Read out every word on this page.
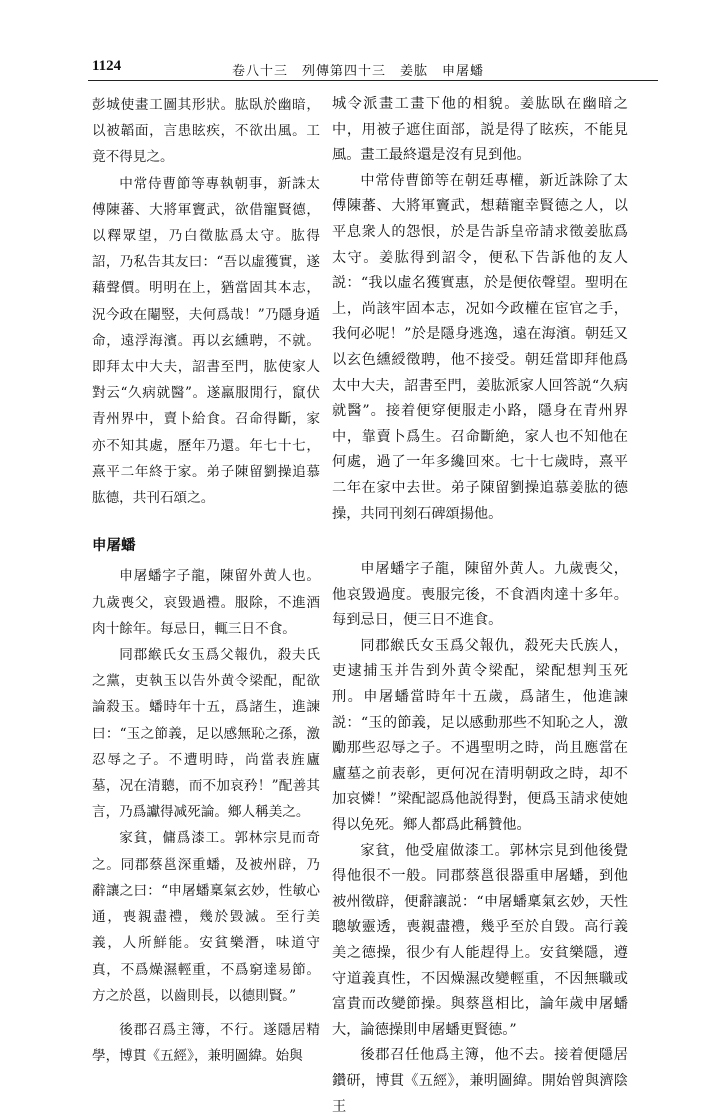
1124	卷八十三　列傳第四十三　姜肱　申屠蟠

彭城使畫工圖其形狀。肱臥於幽暗，以被韜面，言患眩疾，不欲出風。工竟不得見之。

中常侍曹節等專執朝事，新誅太傅陳蕃、大將軍竇武，欲借寵賢德，以釋眾望，乃白徵肱爲太守。肱得詔，乃私告其友曰：“吾以虛獲實，遂藉聲價。明明在上，猶當固其本志，況今政在閹竪，夫何爲哉！”乃隱身遁命，遠浮海濱。再以玄纁聘，不就。即拜太中大夫，詔書至門，肱使家人對云“久病就醫”。遂羸服閒行，竄伏青州界中，賣卜給食。召命得斷，家亦不知其處，歷年乃還。年七十七，熹平二年終于家。弟子陳留劉操追慕肱德，共刊石頌之。

申屠蟠

申屠蟠字子龍，陳留外黄人也。九歲喪父，哀毀過禮。服除，不進酒肉十餘年。每忌日，輒三日不食。

同郡緱氏女玉爲父報仇，殺夫氏之黨，吏執玉以告外黄令梁配，配欲論殺玉。蟠時年十五，爲諸生，進諫曰：“玉之節義，足以感無恥之孫，激忍辱之子。不遭明時，尚當表旌廬墓，况在清聽，而不加哀矜！”配善其言，乃爲讞得减死論。鄉人稱美之。

家貧，傭爲漆工。郭林宗見而奇之。同郡蔡邕深重蟠，及被州辟，乃辭讓之曰：“申屠蟠稟氣玄妙，性敏心通，喪親盡禮，幾於毀滅。至行美義，人所鮮能。安貧樂潛，味道守真，不爲燥濕輕重，不爲窮達易節。方之於邕，以齒則長，以德則賢。”

後郡召爲主簿，不行。遂隱居精學，博貫《五經》，兼明圖緯。始與

城令派畫工畫下他的相貌。姜肱臥在幽暗之中，用被子遮住面部，説是得了眩疾，不能見風。畫工最終還是沒有見到他。

中常侍曹節等在朝廷專權，新近誅除了太傅陳蕃、大將軍竇武，想藉寵幸賢德之人，以平息衆人的怨恨，於是告訴皇帝請求徵姜肱爲太守。姜肱得到詔令，便私下告訴他的友人説：“我以虛名獲實惠，於是便依聲望。聖明在上，尚該牢固本志，况如今政權在宦官之手，我何必呢！”於是隱身逃逸，遠在海濱。朝廷又以玄色纁綬徵聘，他不接受。朝廷當即拜他爲太中大夫，詔書至門，姜肱派家人回答説“久病就醫”。接着便穿便服走小路，隱身在青州界中，靠賣卜爲生。召命斷絶，家人也不知他在何處，過了一年多纔回來。七十七歲時，熹平二年在家中去世。弟子陳留劉操追慕姜肱的德操，共同刊刻石碑頌揚他。

申屠蟠字子龍，陳留外黄人。九歲喪父，他哀毀過度。喪服完後，不食酒肉達十多年。每到忌日，便三日不進食。

同郡緱氏女玉爲父報仇，殺死夫氏族人，吏逮捕玉并告到外黄令梁配，梁配想判玉死刑。申屠蟠當時年十五歲，爲諸生，他進諫説：“玉的節義，足以感動那些不知恥之人，激勵那些忍辱之子。不遇聖明之時，尚且應當在廬墓之前表彰，更何况在清明朝政之時，却不加哀憐！”梁配認爲他説得對，便爲玉請求使她得以免死。鄉人都爲此稱贊他。

家貧，他受雇做漆工。郭林宗見到他後覺得他很不一般。同郡蔡邕很器重申屠蟠，到他被州徵辟，便辭讓説：“申屠蟠稟氣玄妙，天性聰敏靈透，喪親盡禮，幾乎至於自毀。高行義美之德操，很少有人能趕得上。安貧樂隱，遵守道義真性，不因燥濕改變輕重，不因無職或富貴而改變節操。與蔡邕相比，論年歲申屠蟠大，論德操則申屠蟠更賢德。”

後郡召任他爲主簿，他不去。接着便隱居鑽研，博貫《五經》，兼明圖緯。開始曾與濟陰王
